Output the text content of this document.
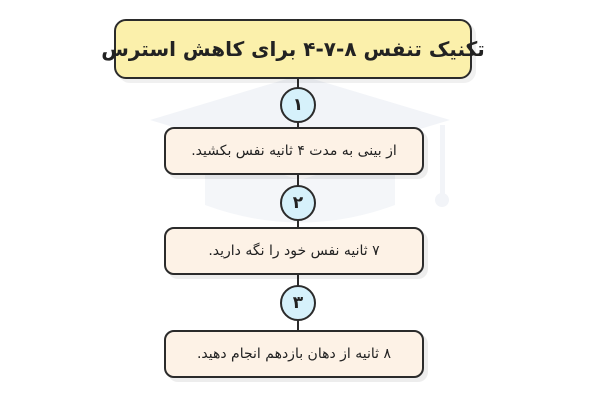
تکنیک تنفس ۸-۷-۴ برای کاهش استرس
۱
از بینی به مدت ۴ ثانیه نفس بکشید.
۲
۷ ثانیه نفس خود را نگه دارید.
۳
۸ ثانیه از دهان بازدهم انجام دهید.
